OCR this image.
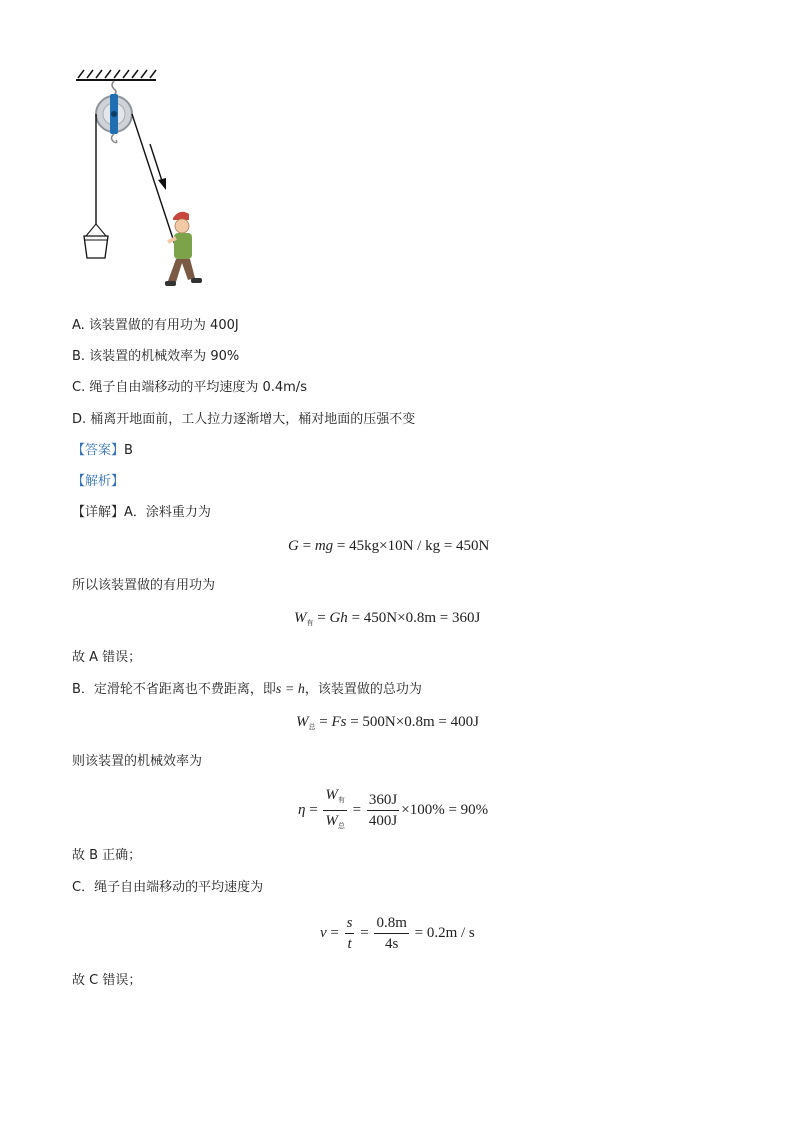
A. 该装置做的有用功为 400J
B. 该装置的机械效率为 90%
C. 绳子自由端移动的平均速度为 0.4m/s
D. 桶离开地面前，工人拉力逐渐增大，桶对地面的压强不变
【答案】B
【解析】
【详解】A．涂料重力为
G = mg = 45kg×10N / kg = 450N
所以该装置做的有用功为
$W_有 = Gh = 450N\times 0.8m = 360J$
故 A 错误；
B．定滑轮不省距离也不费距离，即s = h，该装置做的总功为
$W_总 = Fs = 500N\times 0.8m = 400J$
则该装置的机械效率为
$\eta = \frac{W_有}{W_总} = \frac{360J}{400J} \times 100\% = 90\%$
故 B 正确；
C．绳子自由端移动的平均速度为
$v = \frac{s}{t} = \frac{0.8m}{4s} = 0.2m / s$
故 C 错误；
